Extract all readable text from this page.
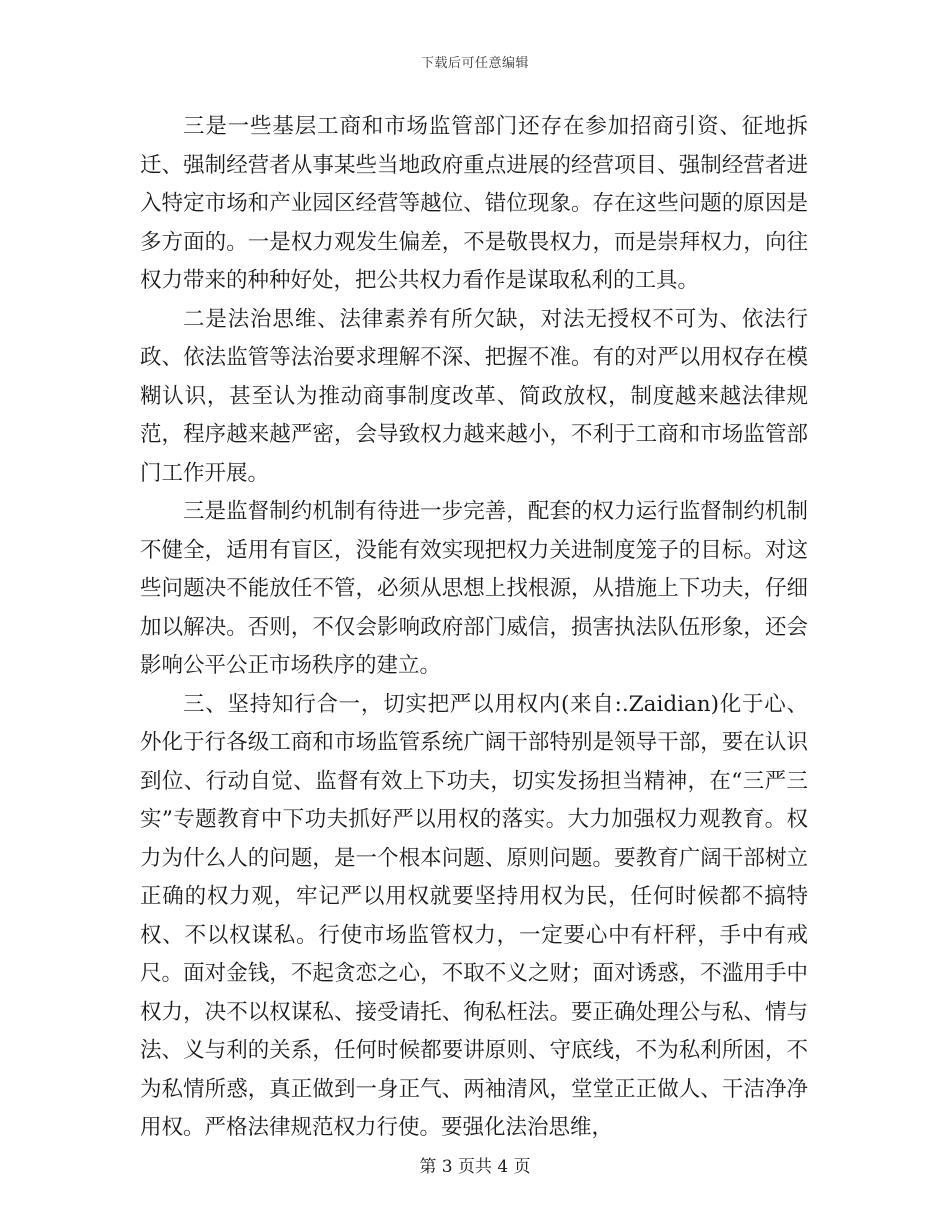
下载后可任意编辑

三是一些基层工商和市场监管部门还存在参加招商引资、征地拆迁、强制经营者从事某些当地政府重点进展的经营项目、强制经营者进入特定市场和产业园区经营等越位、错位现象。存在这些问题的原因是多方面的。一是权力观发生偏差，不是敬畏权力，而是崇拜权力，向往权力带来的种种好处，把公共权力看作是谋取私利的工具。

二是法治思维、法律素养有所欠缺，对法无授权不可为、依法行政、依法监管等法治要求理解不深、把握不准。有的对严以用权存在模糊认识，甚至认为推动商事制度改革、简政放权，制度越来越法律规范，程序越来越严密，会导致权力越来越小，不利于工商和市场监管部门工作开展。

三是监督制约机制有待进一步完善，配套的权力运行监督制约机制不健全，适用有盲区，没能有效实现把权力关进制度笼子的目标。对这些问题决不能放任不管，必须从思想上找根源，从措施上下功夫，仔细加以解决。否则，不仅会影响政府部门威信，损害执法队伍形象，还会影响公平公正市场秩序的建立。

三、坚持知行合一，切实把严以用权内(来自:.Zaidian)化于心、外化于行各级工商和市场监管系统广阔干部特别是领导干部，要在认识到位、行动自觉、监督有效上下功夫，切实发扬担当精神，在“三严三实”专题教育中下功夫抓好严以用权的落实。大力加强权力观教育。权力为什么人的问题，是一个根本问题、原则问题。要教育广阔干部树立正确的权力观，牢记严以用权就要坚持用权为民，任何时候都不搞特权、不以权谋私。行使市场监管权力，一定要心中有杆秤，手中有戒尺。面对金钱，不起贪恋之心，不取不义之财；面对诱惑，不滥用手中权力，决不以权谋私、接受请托、徇私枉法。要正确处理公与私、情与法、义与利的关系，任何时候都要讲原则、守底线，不为私利所困，不为私情所惑，真正做到一身正气、两袖清风，堂堂正正做人、干洁净净用权。严格法律规范权力行使。要强化法治思维，

第 3 页共 4 页
